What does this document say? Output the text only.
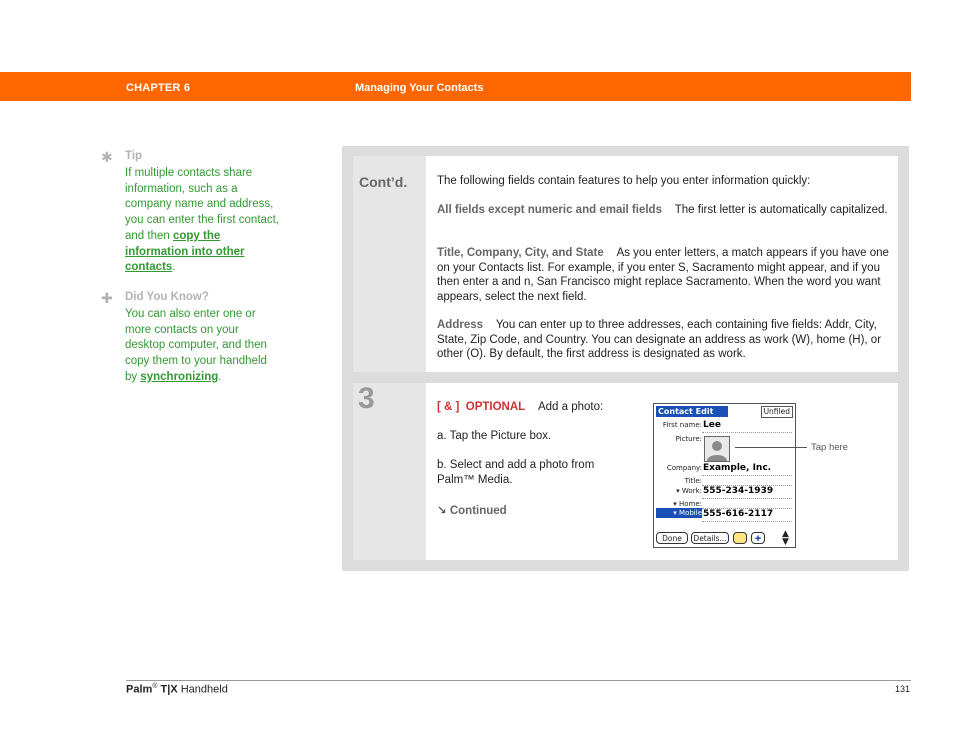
CHAPTER 6	Managing Your Contacts
✱ Tip
If multiple contacts share information, such as a company name and address, you can enter the first contact, and then copy the information into other contacts.
✚ Did You Know?
You can also enter one or more contacts on your desktop computer, and then copy them to your handheld by synchronizing.
Cont’d.	The following fields contain features to help you enter information quickly:
All fields except numeric and email fields The first letter is automatically capitalized.
Title, Company, City, and State As you enter letters, a match appears if you have one on your Contacts list. For example, if you enter S, Sacramento might appear, and if you then enter a and n, San Francisco might replace Sacramento. When the word you want appears, select the next field.
Address You can enter up to three addresses, each containing five fields: Addr, City, State, Zip Code, and Country. You can designate an address as work (W), home (H), or other (O). By default, the first address is designated as work.
3	[ & ] OPTIONAL Add a photo:
a. Tap the Picture box.
b. Select and add a photo from Palm™ Media.
↘ Continued
Contact Edit	Unfiled
First name: Lee
Picture:
Company: Example, Inc.
Title:
▾ Work: 555-234-1939
▾ Home:
▾ Mobile 555-616-2117
Done	Details...	✚	▲
▼
Tap here
Palm® T|X Handheld	131
